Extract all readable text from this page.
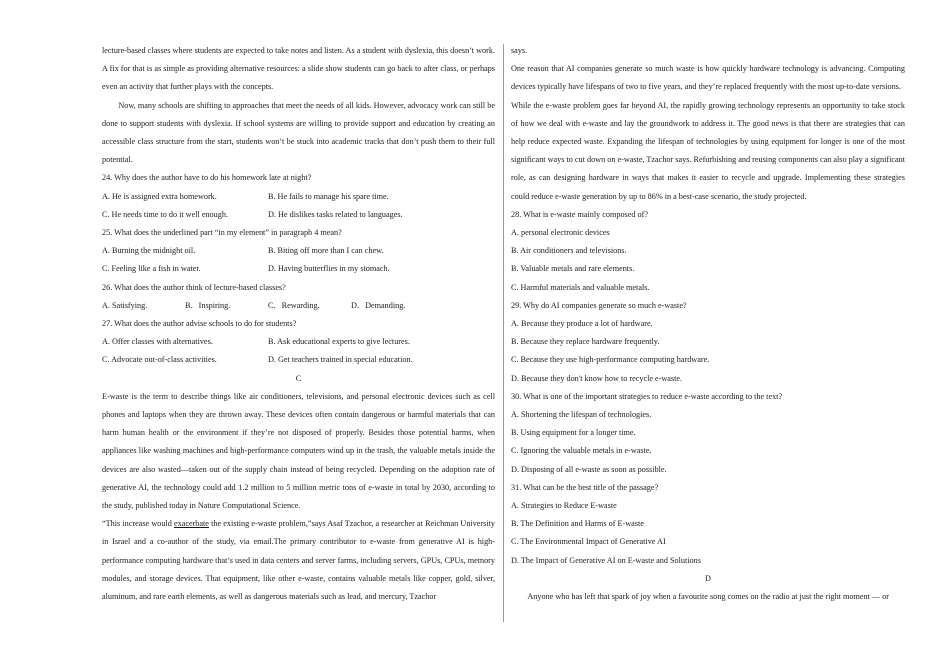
lecture-based classes where students are expected to take notes and listen. As a student with dyslexia, this doesn’t work. A fix for that is as simple as providing alternative resources: a slide show students can go back to after class, or perhaps even an activity that further plays with the concepts.

Now, many schools are shifting to approaches that meet the needs of all kids. However, advocacy work can still be done to support students with dyslexia. If school systems are willing to provide support and education by creating an accessible class structure from the start, students won’t be stuck into academic tracks that don’t push them to their full potential.

24. Why does the author have to do his homework late at night?

A. He is assigned extra homework.	B. He fails to manage his spare time.
C. He needs time to do it well enough.	D. He dislikes tasks related to languages.

25. What does the underlined part “in my element” in paragraph 4 mean?

A. Burning the midnight oil.	B. Biting off more than I can chew.
C. Feeling like a fish in water.	D. Having butterflies in my stomach.

26. What does the author think of lecture-based classes?

A. Satisfying.	B．Inspiring.	C．Rewarding.	D．Demanding.

27. What does the author advise schools to do for students?

A. Offer classes with alternatives.	B. Ask educational experts to give lectures.
C. Advocate out-of-class activities.	D. Get teachers trained in special education.

C

E-waste is the term to describe things like air conditioners, televisions, and personal electronic devices such as cell phones and laptops when they are thrown away. These devices often contain dangerous or harmful materials that can harm human health or the environment if they’re not disposed of properly. Besides those potential harms, when appliances like washing machines and high-performance computers wind up in the trash, the valuable metals inside the devices are also wasted—taken out of the supply chain instead of being recycled. Depending on the adoption rate of generative AI, the technology could add 1.2 million to 5 million metric tons of e-waste in total by 2030, according to the study, published today in Nature Computational Science.

“This increase would exacerbate the existing e-waste problem,”says Asaf Tzachor, a researcher at Reichman University in Israel and a co-author of the study, via email.The primary contributor to e-waste from generative AI is high-performance computing hardware that’s used in data centers and server farms, including servers, GPUs, CPUs, memory modules, and storage devices. That equipment, like other e-waste, contains valuable metals like copper, gold, silver, aluminum, and rare earth elements, as well as dangerous materials such as lead, and mercury, Tzachor

says.

One reason that AI companies generate so much waste is how quickly hardware technology is advancing. Computing devices typically have lifespans of two to five years, and they’re replaced frequently with the most up-to-date versions.

While the e-waste problem goes far beyond AI, the rapidly growing technology represents an opportunity to take stock of how we deal with e-waste and lay the groundwork to address it. The good news is that there are strategies that can help reduce expected waste. Expanding the lifespan of technologies by using equipment for longer is one of the most significant ways to cut down on e-waste, Tzachor says. Refurbishing and reusing components can also play a significant role, as can designing hardware in ways that makes it easier to recycle and upgrade. Implementing these strategies could reduce e-waste generation by up to 86% in a best-case scenario, the study projected.

28. What is e-waste mainly composed of?

A. personal electronic devices

B. Air conditioners and televisions.

B. Valuable metals and rare elements.

C. Harmful materials and valuable metals.

29. Why do AI companies generate so much e-waste?

A. Because they produce a lot of hardware.

B. Because they replace hardware frequently.

C. Because they use high-performance computing hardware.

D. Because they don't know how to recycle e-waste.

30. What is one of the important strategies to reduce e-waste according to the text?

A. Shortening the lifespan of technologies.

B. Using equipment for a longer time.

C. Ignoring the valuable metals in e-waste.

D. Disposing of all e-waste as soon as possible.

31. What can be the best title of the passage?

A. Strategies to Reduce E-waste

B. The Definition and Harms of E-waste

C. The Environmental Impact of Generative AI

D. The Impact of Generative AI on E-waste and Solutions

D

Anyone who has left that spark of joy when a favourite song comes on the radio at just the right moment — or
